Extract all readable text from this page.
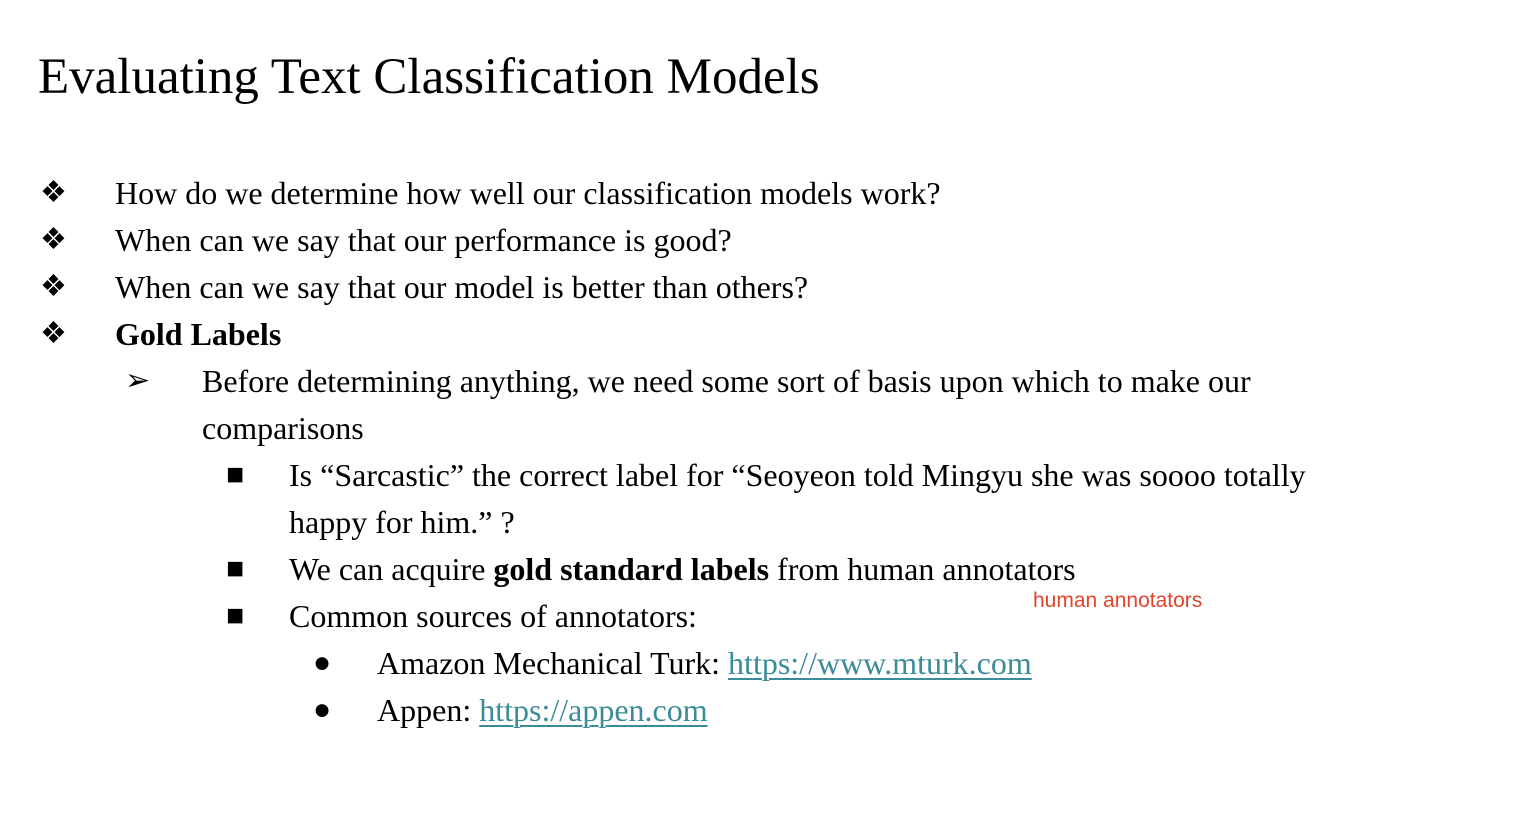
Evaluating Text Classification Models
❖ How do we determine how well our classification models work?
❖ When can we say that our performance is good?
❖ When can we say that our model is better than others?
❖ Gold Labels
➢ Before determining anything, we need some sort of basis upon which to make our
comparisons
■ Is “Sarcastic” the correct label for “Seoyeon told Mingyu she was soooo totally
happy for him.” ?
■ We can acquire gold standard labels from human annotators
■ Common sources of annotators:
● Amazon Mechanical Turk: https://www.mturk.com
● Appen: https://appen.com
human annotators
